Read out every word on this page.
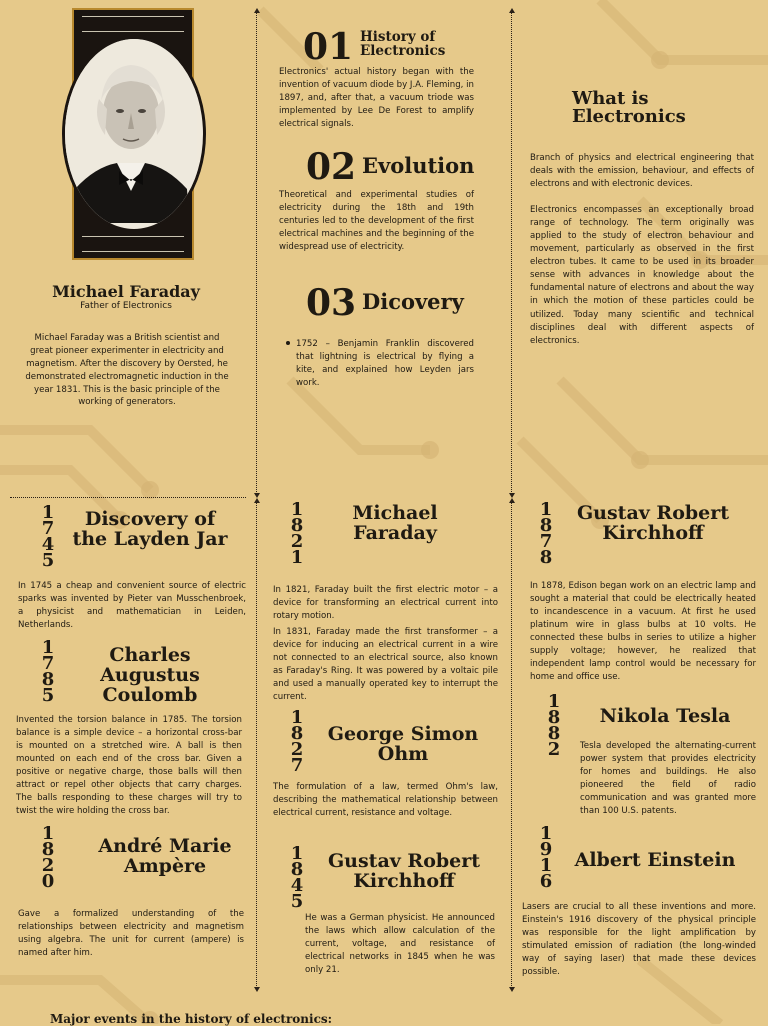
Michael Faraday
Father of Electronics

Michael Faraday was a British scientist and great pioneer experimenter in electricity and magnetism. After the discovery by Oersted, he demonstrated electromagnetic induction in the year 1831. This is the basic principle of the working of generators.

01 History of Electronics

Electronics' actual history began with the invention of vacuum diode by J.A. Fleming, in 1897, and, after that, a vacuum triode was implemented by Lee De Forest to amplify electrical signals.

02 Evolution

Theoretical and experimental studies of electricity during the 18th and 19th centuries led to the development of the first electrical machines and the beginning of the widespread use of electricity.

03 Dicovery

1752 – Benjamin Franklin discovered that lightning is electrical by flying a kite, and explained how Leyden jars work.

What is Electronics

Branch of physics and electrical engineering that deals with the emission, behaviour, and effects of electrons and with electronic devices.

Electronics encompasses an exceptionally broad range of technology. The term originally was applied to the study of electron behaviour and movement, particularly as observed in the first electron tubes. It came to be used in its broader sense with advances in knowledge about the fundamental nature of electrons and about the way in which the motion of these particles could be utilized. Today many scientific and technical disciplines deal with different aspects of electronics.

1745
Discovery of the Layden Jar

In 1745 a cheap and convenient source of electric sparks was invented by Pieter van Musschenbroek, a physicist and mathematician in Leiden, Netherlands.

1785
Charles Augustus Coulomb

Invented the torsion balance in 1785. The torsion balance is a simple device – a horizontal cross-bar is mounted on a stretched wire. A ball is then mounted on each end of the cross bar. Given a positive or negative charge, those balls will then attract or repel other objects that carry charges. The balls responding to these charges will try to twist the wire holding the cross bar.

1820
André Marie Ampère

Gave a formalized understanding of the relationships between electricity and magnetism using algebra. The unit for current (ampere) is named after him.

1821
Michael Faraday

In 1821, Faraday built the first electric motor – a device for transforming an electrical current into rotary motion.

In 1831, Faraday made the first transformer – a device for inducing an electrical current in a wire not connected to an electrical source, also known as Faraday's Ring. It was powered by a voltaic pile and used a manually operated key to interrupt the current.

1827
George Simon Ohm

The formulation of a law, termed Ohm's law, describing the mathematical relationship between electrical current, resistance and voltage.

1845
Gustav Robert Kirchhoff

He was a German physicist. He announced the laws which allow calculation of the current, voltage, and resistance of electrical networks in 1845 when he was only 21.

1878
Gustav Robert Kirchhoff

In 1878, Edison began work on an electric lamp and sought a material that could be electrically heated to incandescence in a vacuum. At first he used platinum wire in glass bulbs at 10 volts. He connected these bulbs in series to utilize a higher supply voltage; however, he realized that independent lamp control would be necessary for home and office use.

1882
Nikola Tesla

Tesla developed the alternating-current power system that provides electricity for homes and buildings. He also pioneered the field of radio communication and was granted more than 100 U.S. patents.

1916
Albert Einstein

Lasers are crucial to all these inventions and more. Einstein's 1916 discovery of the physical principle was responsible for the light amplification by stimulated emission of radiation (the long-winded way of saying laser) that made these devices possible.

Major events in the history of electronics:
